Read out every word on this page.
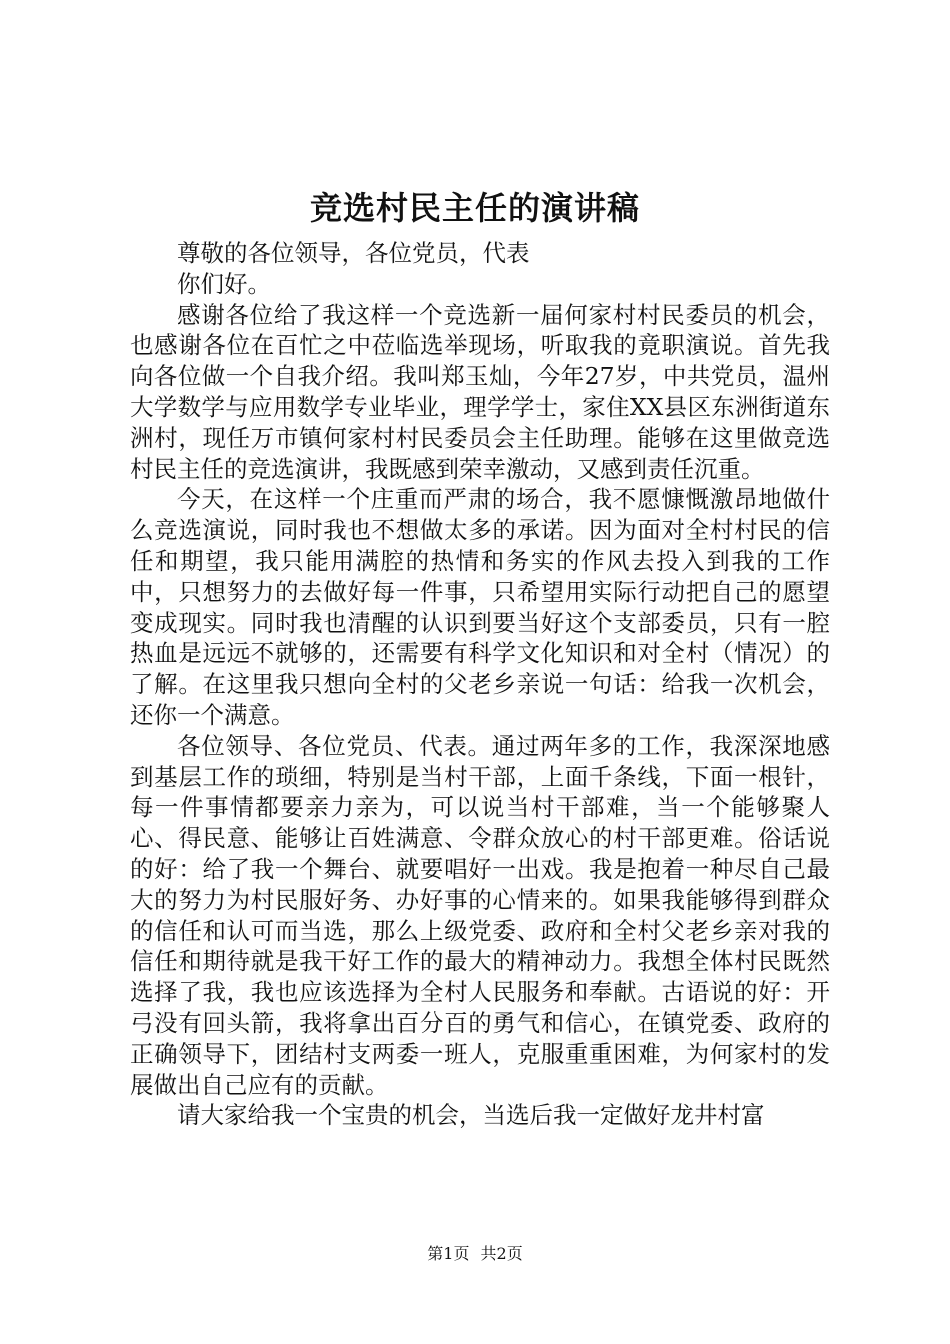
竞选村民主任的演讲稿

尊敬的各位领导，各位党员，代表

你们好。

感谢各位给了我这样一个竞选新一届何家村村民委员的机会，也感谢各位在百忙之中莅临选举现场，听取我的竟职演说。首先我向各位做一个自我介绍。我叫郑玉灿，今年27岁，中共党员，温州大学数学与应用数学专业毕业，理学学士，家住XX县区东洲街道东洲村，现任万市镇何家村村民委员会主任助理。能够在这里做竞选村民主任的竞选演讲，我既感到荣幸激动，又感到责任沉重。

今天，在这样一个庄重而严肃的场合，我不愿慷慨激昂地做什么竞选演说，同时我也不想做太多的承诺。因为面对全村村民的信任和期望，我只能用满腔的热情和务实的作风去投入到我的工作中，只想努力的去做好每一件事，只希望用实际行动把自己的愿望变成现实。同时我也清醒的认识到要当好这个支部委员，只有一腔热血是远远不就够的，还需要有科学文化知识和对全村（情况）的了解。在这里我只想向全村的父老乡亲说一句话：给我一次机会，还你一个满意。

各位领导、各位党员、代表。通过两年多的工作，我深深地感到基层工作的琐细，特别是当村干部，上面千条线，下面一根针，每一件事情都要亲力亲为，可以说当村干部难，当一个能够聚人心、得民意、能够让百姓满意、令群众放心的村干部更难。俗话说的好：给了我一个舞台、就要唱好一出戏。我是抱着一种尽自己最大的努力为村民服好务、办好事的心情来的。如果我能够得到群众的信任和认可而当选，那么上级党委、政府和全村父老乡亲对我的信任和期待就是我干好工作的最大的精神动力。我想全体村民既然选择了我，我也应该选择为全村人民服务和奉献。古语说的好：开弓没有回头箭，我将拿出百分百的勇气和信心，在镇党委、政府的正确领导下，团结村支两委一班人，克服重重困难，为何家村的发展做出自己应有的贡献。

请大家给我一个宝贵的机会，当选后我一定做好龙井村富

第1页 共2页
